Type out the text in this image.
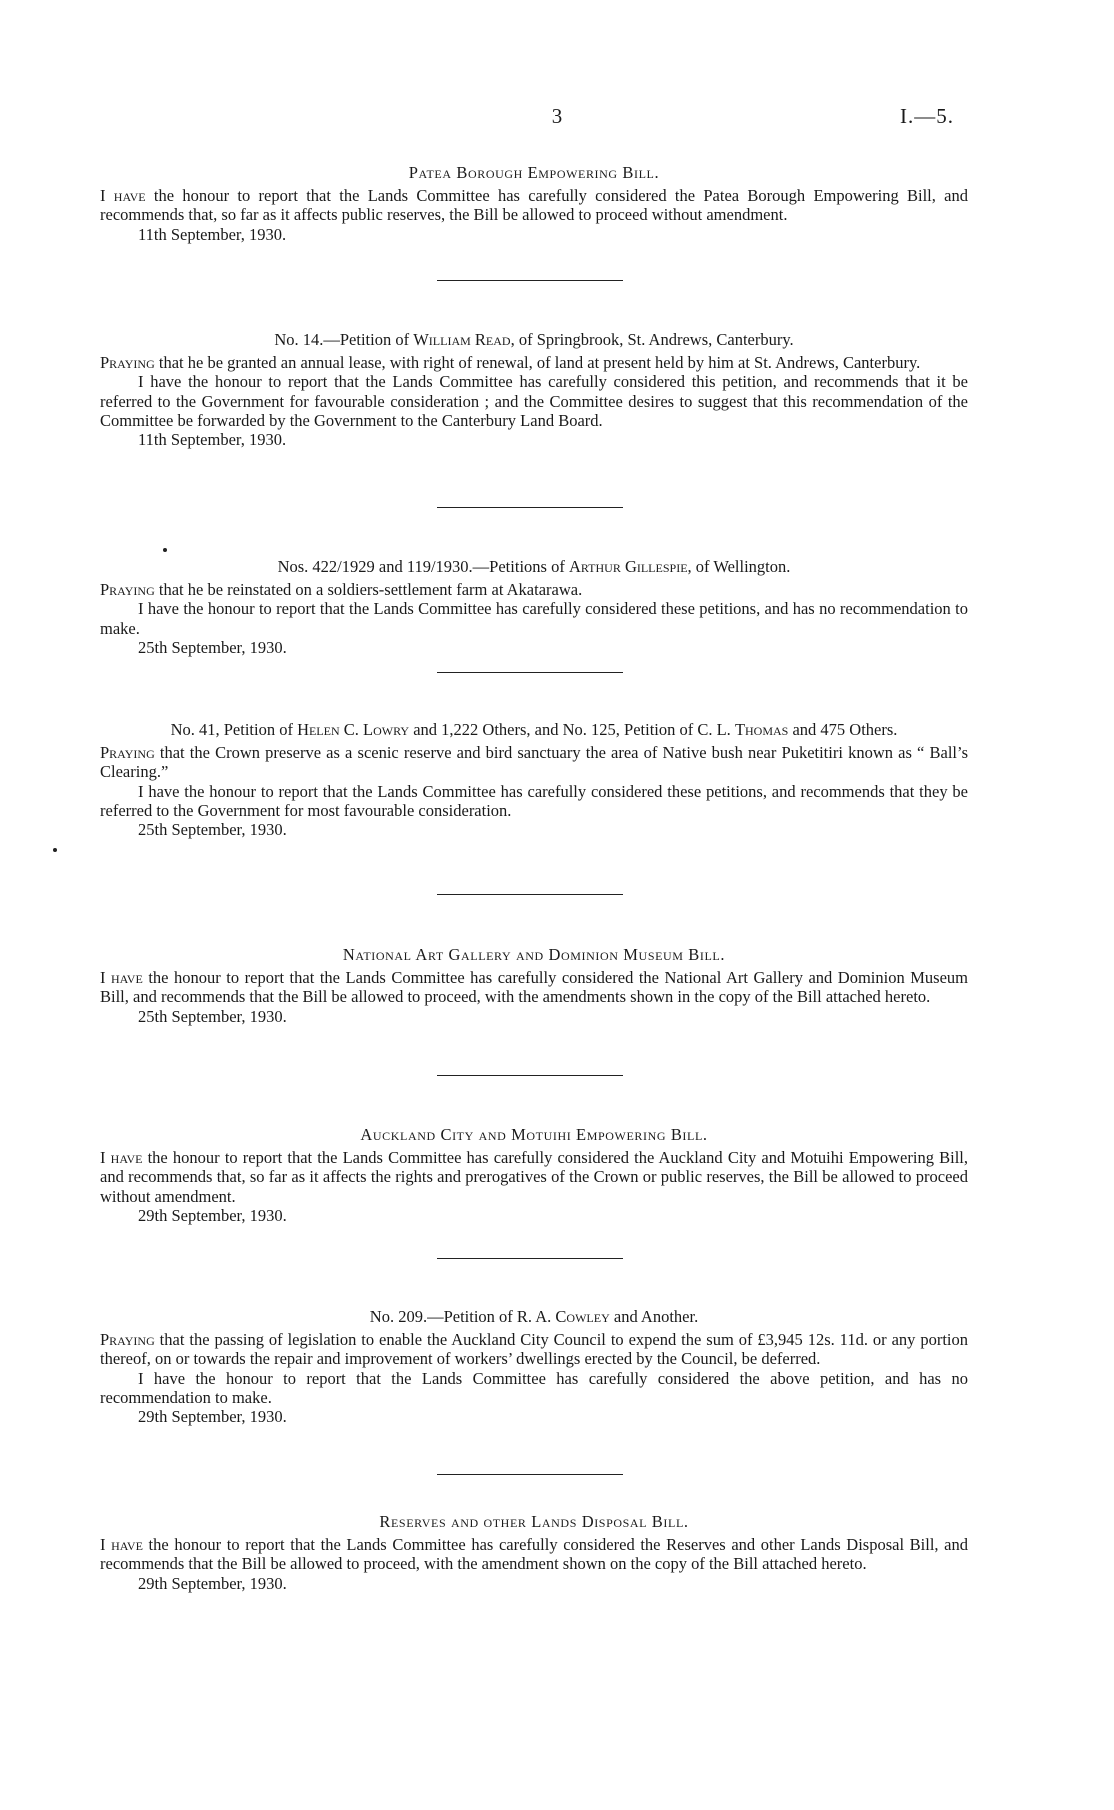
3	I.—5.

Patea Borough Empowering Bill.

I have the honour to report that the Lands Committee has carefully considered the Patea Borough Empowering Bill, and recommends that, so far as it affects public reserves, the Bill be allowed to proceed without amendment.

11th September, 1930.

No. 14.—Petition of William Read, of Springbrook, St. Andrews, Canterbury.

Praying that he be granted an annual lease, with right of renewal, of land at present held by him at St. Andrews, Canterbury.

I have the honour to report that the Lands Committee has carefully considered this petition, and recommends that it be referred to the Government for favourable consideration ; and the Committee desires to suggest that this recommendation of the Committee be forwarded by the Government to the Canterbury Land Board.

11th September, 1930.

Nos. 422/1929 and 119/1930.—Petitions of Arthur Gillespie, of Wellington.

Praying that he be reinstated on a soldiers-settlement farm at Akatarawa.

I have the honour to report that the Lands Committee has carefully considered these petitions, and has no recommendation to make.

25th September, 1930.

No. 41, Petition of Helen C. Lowry and 1,222 Others, and No. 125, Petition of C. L. Thomas and 475 Others.

Praying that the Crown preserve as a scenic reserve and bird sanctuary the area of Native bush near Puketitiri known as “ Ball’s Clearing.”

I have the honour to report that the Lands Committee has carefully considered these petitions, and recommends that they be referred to the Government for most favourable consideration.

25th September, 1930.

National Art Gallery and Dominion Museum Bill.

I have the honour to report that the Lands Committee has carefully considered the National Art Gallery and Dominion Museum Bill, and recommends that the Bill be allowed to proceed, with the amendments shown in the copy of the Bill attached hereto.

25th September, 1930.

Auckland City and Motuihi Empowering Bill.

I have the honour to report that the Lands Committee has carefully considered the Auckland City and Motuihi Empowering Bill, and recommends that, so far as it affects the rights and prerogatives of the Crown or public reserves, the Bill be allowed to proceed without amendment.

29th September, 1930.

No. 209.—Petition of R. A. Cowley and Another.

Praying that the passing of legislation to enable the Auckland City Council to expend the sum of £3,945 12s. 11d. or any portion thereof, on or towards the repair and improvement of workers’ dwellings erected by the Council, be deferred.

I have the honour to report that the Lands Committee has carefully considered the above petition, and has no recommendation to make.

29th September, 1930.

Reserves and other Lands Disposal Bill.

I have the honour to report that the Lands Committee has carefully considered the Reserves and other Lands Disposal Bill, and recommends that the Bill be allowed to proceed, with the amendment shown on the copy of the Bill attached hereto.

29th September, 1930.
